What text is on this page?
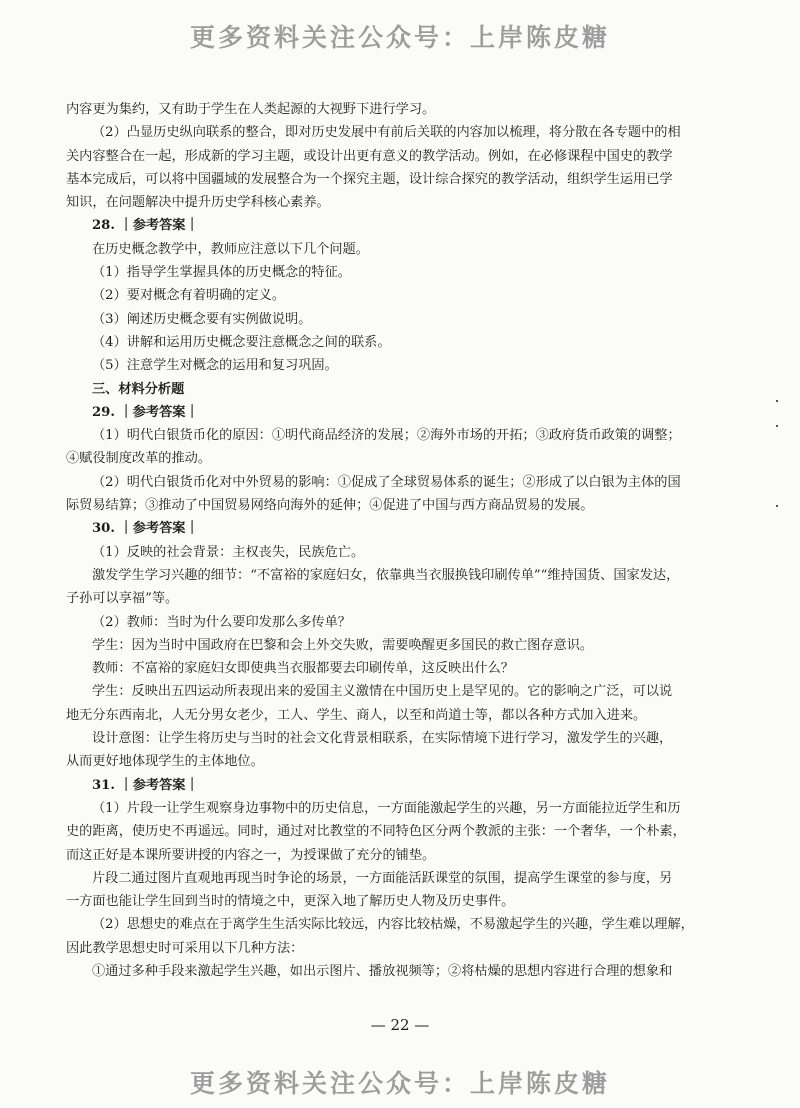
更多资料关注公众号：上岸陈皮糖
内容更为集约，又有助于学生在人类起源的大视野下进行学习。
（2）凸显历史纵向联系的整合，即对历史发展中有前后关联的内容加以梳理，将分散在各专题中的相
关内容整合在一起，形成新的学习主题，或设计出更有意义的教学活动。例如，在必修课程中国史的教学
基本完成后，可以将中国疆域的发展整合为一个探究主题，设计综合探究的教学活动，组织学生运用已学
知识，在问题解决中提升历史学科核心素养。
28. ｜参考答案｜
在历史概念教学中，教师应注意以下几个问题。
（1）指导学生掌握具体的历史概念的特征。
（2）要对概念有着明确的定义。
（3）阐述历史概念要有实例做说明。
（4）讲解和运用历史概念要注意概念之间的联系。
（5）注意学生对概念的运用和复习巩固。
三、材料分析题
29. ｜参考答案｜
（1）明代白银货币化的原因：①明代商品经济的发展；②海外市场的开拓；③政府货币政策的调整；
④赋役制度改革的推动。
（2）明代白银货币化对中外贸易的影响：①促成了全球贸易体系的诞生；②形成了以白银为主体的国
际贸易结算；③推动了中国贸易网络向海外的延伸；④促进了中国与西方商品贸易的发展。
30. ｜参考答案｜
（1）反映的社会背景：主权丧失，民族危亡。
激发学生学习兴趣的细节：“不富裕的家庭妇女，依靠典当衣服换钱印刷传单”“维持国货、国家发达，
子孙可以享福”等。
（2）教师：当时为什么要印发那么多传单？
学生：因为当时中国政府在巴黎和会上外交失败，需要唤醒更多国民的救亡图存意识。
教师：不富裕的家庭妇女即使典当衣服都要去印刷传单，这反映出什么？
学生：反映出五四运动所表现出来的爱国主义激情在中国历史上是罕见的。它的影响之广泛，可以说
地无分东西南北，人无分男女老少，工人、学生、商人，以至和尚道士等，都以各种方式加入进来。
设计意图：让学生将历史与当时的社会文化背景相联系，在实际情境下进行学习，激发学生的兴趣，
从而更好地体现学生的主体地位。
31. ｜参考答案｜
（1）片段一让学生观察身边事物中的历史信息，一方面能激起学生的兴趣，另一方面能拉近学生和历
史的距离，使历史不再遥远。同时，通过对比教堂的不同特色区分两个教派的主张：一个奢华，一个朴素，
而这正好是本课所要讲授的内容之一，为授课做了充分的铺垫。
片段二通过图片直观地再现当时争论的场景，一方面能活跃课堂的氛围，提高学生课堂的参与度，另
一方面也能让学生回到当时的情境之中，更深入地了解历史人物及历史事件。
（2）思想史的难点在于离学生生活实际比较远，内容比较枯燥，不易激起学生的兴趣，学生难以理解，
因此教学思想史时可采用以下几种方法：
①通过多种手段来激起学生兴趣，如出示图片、播放视频等；②将枯燥的思想内容进行合理的想象和
— 22 —
更多资料关注公众号：上岸陈皮糖
